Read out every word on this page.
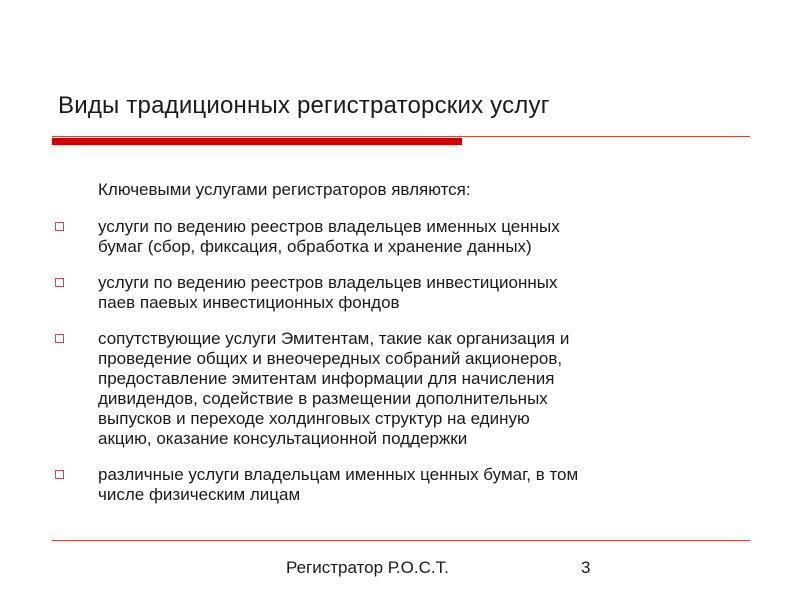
Виды традиционных регистраторских услуг
Ключевыми услугами регистраторов являются:
услуги по ведению реестров владельцев именных ценных
бумаг (сбор, фиксация, обработка и хранение данных)
услуги по ведению реестров владельцев инвестиционных
паев паевых инвестиционных фондов
сопутствующие услуги Эмитентам, такие как организация и
проведение общих и внеочередных собраний акционеров,
предоставление эмитентам информации для начисления
дивидендов, содействие в размещении дополнительных
выпусков и переходе холдинговых структур на единую
акцию, оказание консультационной поддержки
различные услуги владельцам именных ценных бумаг, в том
числе физическим лицам
Регистратор Р.О.С.Т.	3
